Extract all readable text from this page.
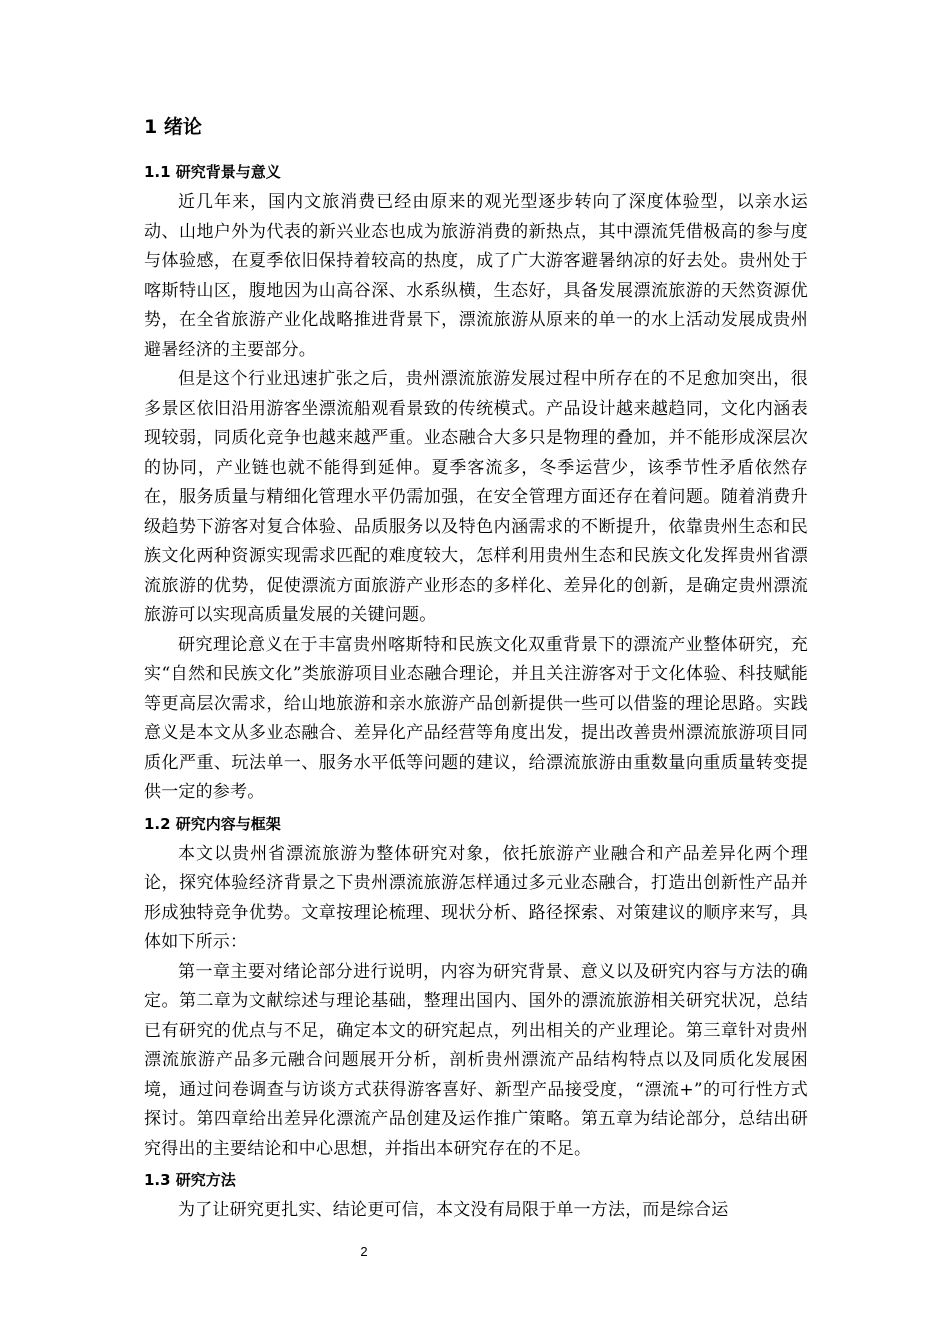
1 绪论
1.1 研究背景与意义

近几年来，国内文旅消费已经由原来的观光型逐步转向了深度体验型，以亲水运动、山地户外为代表的新兴业态也成为旅游消费的新热点，其中漂流凭借极高的参与度与体验感，在夏季依旧保持着较高的热度，成了广大游客避暑纳凉的好去处。贵州处于喀斯特山区，腹地因为山高谷深、水系纵横，生态好，具备发展漂流旅游的天然资源优势，在全省旅游产业化战略推进背景下，漂流旅游从原来的单一的水上活动发展成贵州避暑经济的主要部分。

但是这个行业迅速扩张之后，贵州漂流旅游发展过程中所存在的不足愈加突出，很多景区依旧沿用游客坐漂流船观看景致的传统模式。产品设计越来越趋同，文化内涵表现较弱，同质化竞争也越来越严重。业态融合大多只是物理的叠加，并不能形成深层次的协同，产业链也就不能得到延伸。夏季客流多，冬季运营少，该季节性矛盾依然存在，服务质量与精细化管理水平仍需加强，在安全管理方面还存在着问题。随着消费升级趋势下游客对复合体验、品质服务以及特色内涵需求的不断提升，依靠贵州生态和民族文化两种资源实现需求匹配的难度较大，怎样利用贵州生态和民族文化发挥贵州省漂流旅游的优势，促使漂流方面旅游产业形态的多样化、差异化的创新，是确定贵州漂流旅游可以实现高质量发展的关键问题。

研究理论意义在于丰富贵州喀斯特和民族文化双重背景下的漂流产业整体研究，充实“自然和民族文化”类旅游项目业态融合理论，并且关注游客对于文化体验、科技赋能等更高层次需求，给山地旅游和亲水旅游产品创新提供一些可以借鉴的理论思路。实践意义是本文从多业态融合、差异化产品经营等角度出发，提出改善贵州漂流旅游项目同质化严重、玩法单一、服务水平低等问题的建议，给漂流旅游由重数量向重质量转变提供一定的参考。

1.2 研究内容与框架

本文以贵州省漂流旅游为整体研究对象，依托旅游产业融合和产品差异化两个理论，探究体验经济背景之下贵州漂流旅游怎样通过多元业态融合，打造出创新性产品并形成独特竞争优势。文章按理论梳理、现状分析、路径探索、对策建议的顺序来写，具体如下所示：

第一章主要对绪论部分进行说明，内容为研究背景、意义以及研究内容与方法的确定。第二章为文献综述与理论基础，整理出国内、国外的漂流旅游相关研究状况，总结已有研究的优点与不足，确定本文的研究起点，列出相关的产业理论。第三章针对贵州漂流旅游产品多元融合问题展开分析，剖析贵州漂流产品结构特点以及同质化发展困境，通过问卷调查与访谈方式获得游客喜好、新型产品接受度，“漂流+”的可行性方式探讨。第四章给出差异化漂流产品创建及运作推广策略。第五章为结论部分，总结出研究得出的主要结论和中心思想，并指出本研究存在的不足。

1.3 研究方法

为了让研究更扎实、结论更可信，本文没有局限于单一方法，而是综合运

2
